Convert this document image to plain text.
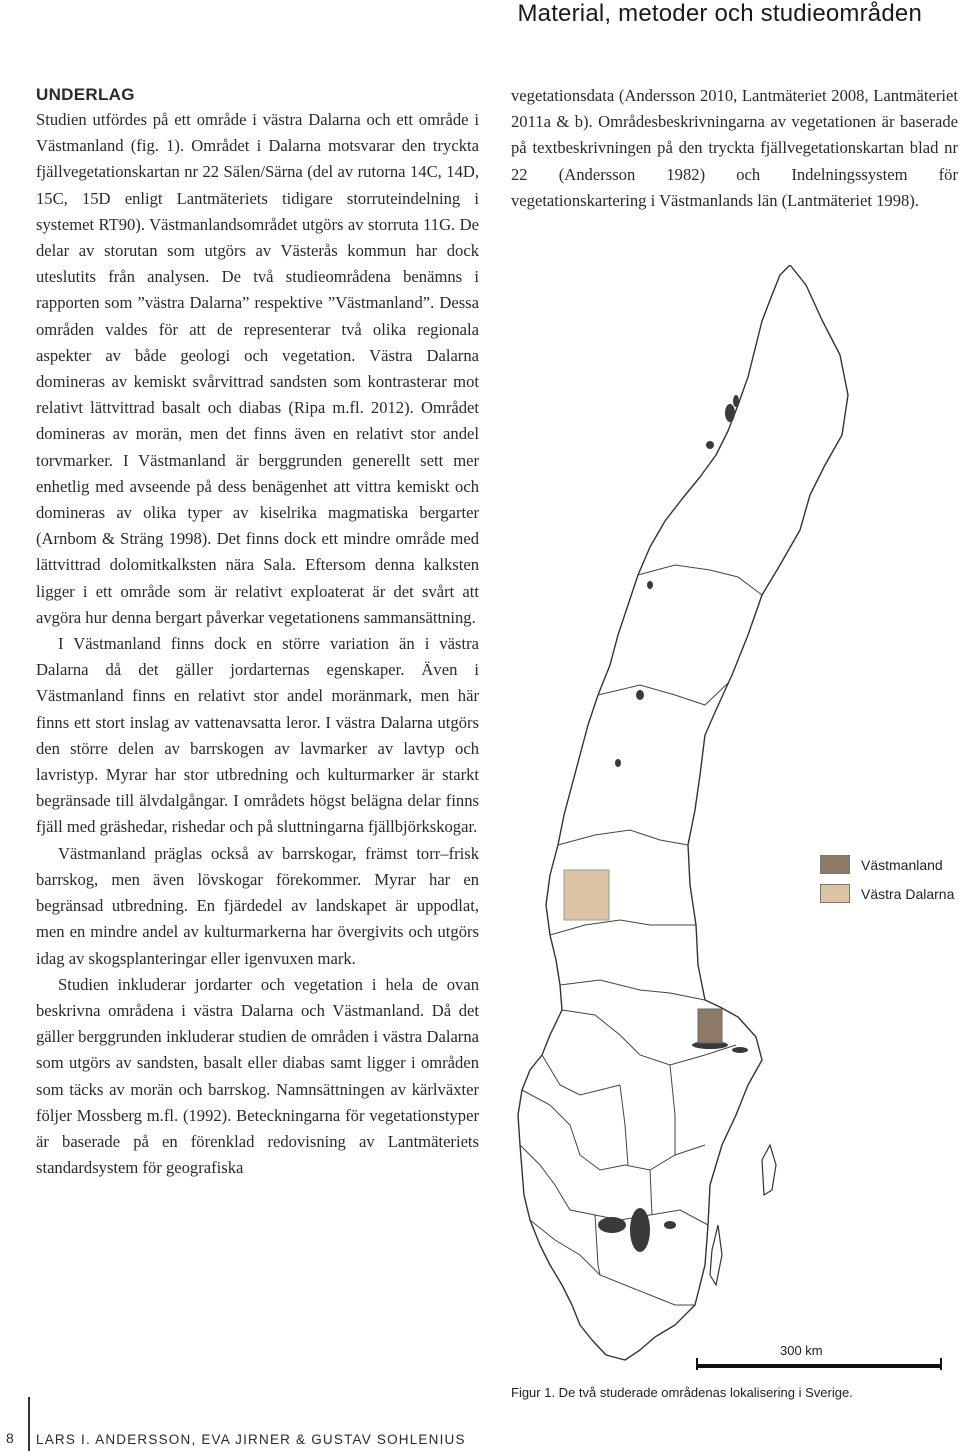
Material, metoder och studieområden
UNDERLAG

Studien utfördes på ett område i västra Dalarna och ett område i Västmanland (fig. 1). Området i Dalarna motsvarar den tryckta fjällvegetationskartan nr 22 Sälen/Särna (del av rutorna 14C, 14D, 15C, 15D enligt Lantmäteriets tidigare storruteindelning i systemet RT90). Västmanlandsområdet utgörs av storruta 11G. De delar av storutan som utgörs av Västerås kommun har dock uteslutits från analysen. De två studieområdena benämns i rapporten som ”västra Dalarna” respektive ”Västmanland”. Dessa områden valdes för att de representerar två olika regionala aspekter av både geologi och vegetation. Västra Dalarna domineras av kemiskt svårvittrad sandsten som kontrasterar mot relativt lättvittrad basalt och diabas (Ripa m.fl. 2012). Området domineras av morän, men det finns även en relativt stor andel torvmarker. I Västmanland är berggrunden generellt sett mer enhetlig med avseende på dess benägenhet att vittra kemiskt och domineras av olika typer av kiselrika magmatiska bergarter (Arnbom & Sträng 1998). Det finns dock ett mindre område med lättvittrad dolomitkalksten nära Sala. Eftersom denna kalksten ligger i ett område som är relativt exploaterat är det svårt att avgöra hur denna bergart påverkar vegetationens sammansättning.

I Västmanland finns dock en större variation än i västra Dalarna då det gäller jordarternas egenskaper. Även i Västmanland finns en relativt stor andel moränmark, men här finns ett stort inslag av vattenavsatta leror. I västra Dalarna utgörs den större delen av barrskogen av lavmarker av lavtyp och lavristyp. Myrar har stor utbredning och kulturmarker är starkt begränsade till älvdalgångar. I områdets högst belägna delar finns fjäll med gräshedar, rishedar och på sluttningarna fjällbjörkskogar.

Västmanland präglas också av barrskogar, främst torr–frisk barrskog, men även lövskogar förekommer. Myrar har en begränsad utbredning. En fjärdedel av landskapet är uppodlat, men en mindre andel av kulturmarkerna har övergivits och utgörs idag av skogsplanteringar eller igenvuxen mark.

Studien inkluderar jordarter och vegetation i hela de ovan beskrivna områdena i västra Dalarna och Västmanland. Då det gäller berggrunden inkluderar studien de områden i västra Dalarna som utgörs av sandsten, basalt eller diabas samt ligger i områden som täcks av morän och barrskog. Namnsättningen av kärlväxter följer Mossberg m.fl. (1992). Beteckningarna för vegetationstyper är baserade på en förenklad redovisning av Lantmäteriets standardsystem för geografiska

vegetationsdata (Andersson 2010, Lantmäteriet 2008, Lantmäteriet 2011a & b). Områdesbeskrivningarna av vegetationen är baserade på textbeskrivningen på den tryckta fjällvegetationskartan blad nr 22 (Andersson 1982) och Indelningssystem för vegetationskartering i Västmanlands län (Lantmäteriet 1998).

Västmanland
Västra Dalarna
300 km
Figur 1. De två studerade områdenas lokalisering i Sverige.
8 LARS I. ANDERSSON, EVA JIRNER & GUSTAV SOHLENIUS
